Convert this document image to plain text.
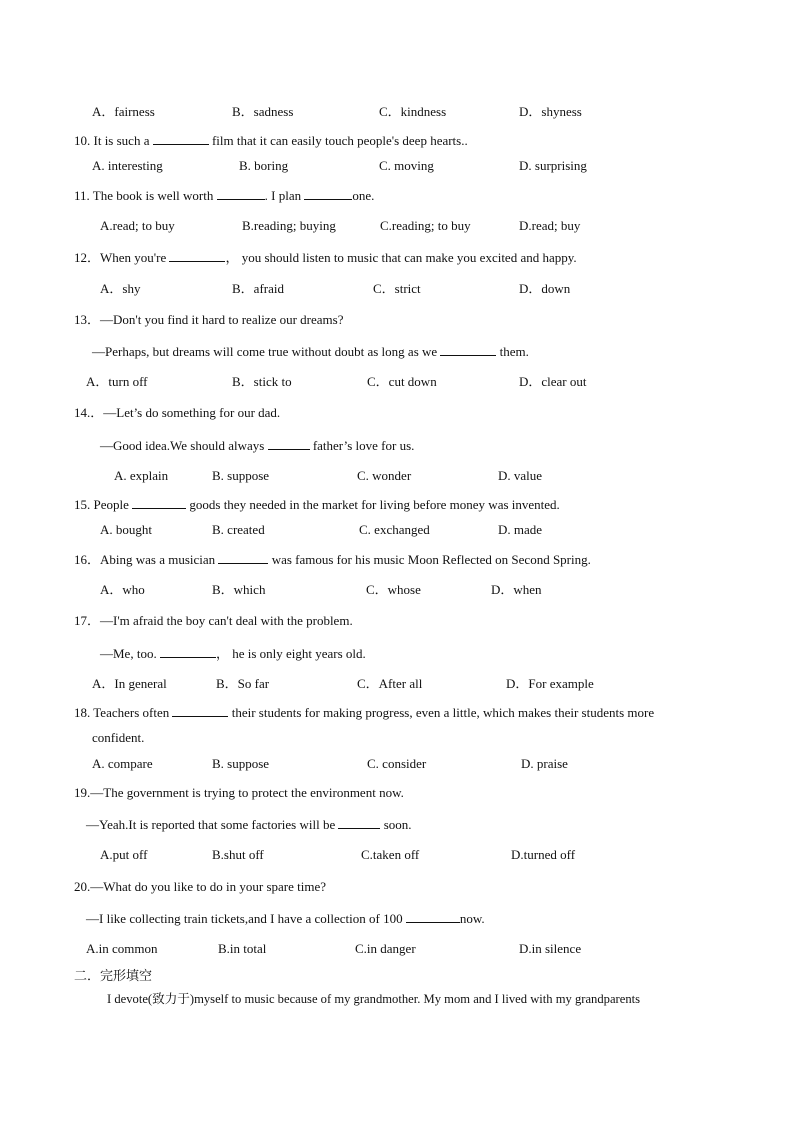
A．fairness	B．sadness	C．kindness	D．shyness
10. It is such a	film that it can easily touch people's deep hearts..
A. interesting	B. boring	C. moving	D. surprising
11. The book is well worth	. I plan	one.
A.read; to buy	B.reading; buying	C.reading; to buy	D.read; buy
12．When you're	， you should listen to music that can make you excited and happy.
A．shy	B．afraid	C．strict	D．down
13．—Don't you find it hard to realize our dreams?
—Perhaps, but dreams will come true without doubt as long as we	them.
A．turn off	B．stick to	C．cut down	D．clear out
14.．—Let’s do something for our dad.
—Good idea.We should always	father’s love for us.
A. explain	B. suppose	C. wonder	D. value
15. People	goods they needed in the market for living before money was invented.
A. bought	B. created	C. exchanged	D. made
16．Abing was a musician	was famous for his music Moon Reflected on Second Spring.
A．who	B．which	C．whose	D．when
17．—I'm afraid the boy can't deal with the problem.
—Me, too.	， he is only eight years old.
A．In general	B．So far	C．After all	D．For example
18. Teachers often	their students for making progress, even a little, which makes their students more
confident.
A. compare	B. suppose	C. consider	D. praise
19.—The government is trying to protect the environment now.
—Yeah.It is reported that some factories will be	soon.
A.put off	B.shut off	C.taken off	D.turned off
20.—What do you like to do in your spare time?
—I like collecting train tickets,and I have a collection of 100	now.
A.in common	B.in total	C.in danger	D.in silence
二．完形填空
I devote(致力于)myself to music because of my grandmother. My mom and I lived with my grandparents
